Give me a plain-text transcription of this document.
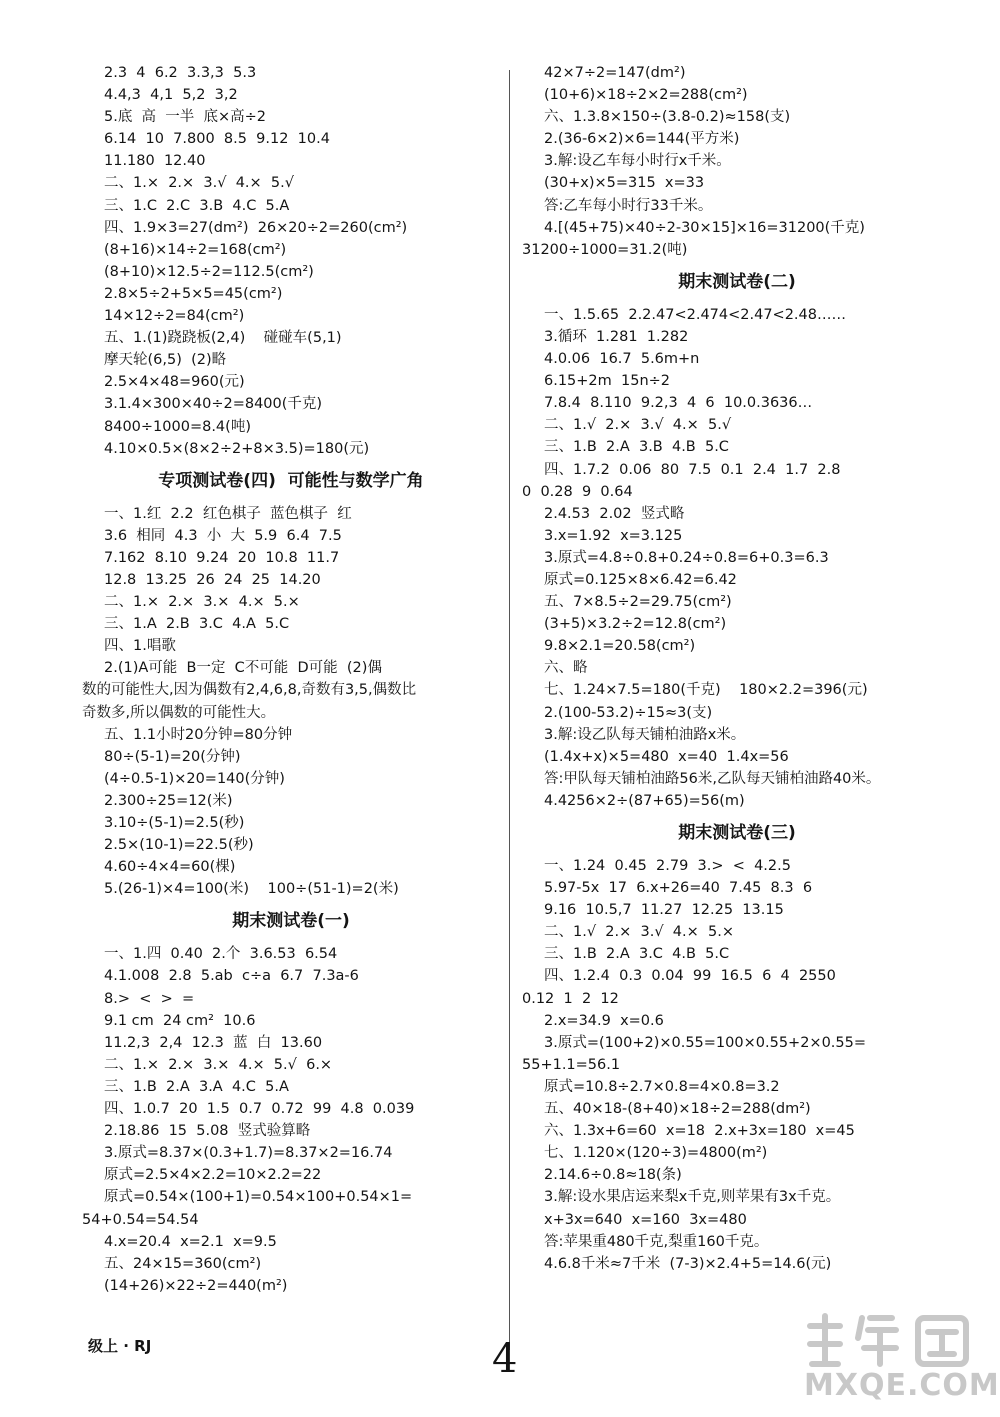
2.3  4  6.2  3.3,3  5.3
4.4,3  4,1  5,2  3,2
5.底  高  一半  底×高÷2
6.14  10  7.800  8.5  9.12  10.4
11.180  12.40
二、1.×  2.×  3.√  4.×  5.√
三、1.C  2.C  3.B  4.C  5.A
四、1.9×3=27(dm²)  26×20÷2=260(cm²)
(8+16)×14÷2=168(cm²)
(8+10)×12.5÷2=112.5(cm²)
2.8×5÷2+5×5=45(cm²)
14×12÷2=84(cm²)
五、1.(1)跷跷板(2,4)    碰碰车(5,1)
摩天轮(6,5)  (2)略
2.5×4×48=960(元)
3.1.4×300×40÷2=8400(千克)
8400÷1000=8.4(吨)
4.10×0.5×(8×2÷2+8×3.5)=180(元)
专项测试卷(四)  可能性与数学广角
一、1.红  2.2  红色棋子  蓝色棋子  红
3.6  相同  4.3  小  大  5.9  6.4  7.5
7.162  8.10  9.24  20  10.8  11.7
12.8  13.25  26  24  25  14.20
二、1.×  2.×  3.×  4.×  5.×
三、1.A  2.B  3.C  4.A  5.C
四、1.唱歌
2.(1)A可能  B一定  C不可能  D可能  (2)偶
数的可能性大,因为偶数有2,4,6,8,奇数有3,5,偶数比
奇数多,所以偶数的可能性大。
五、1.1小时20分钟=80分钟
80÷(5-1)=20(分钟)
(4÷0.5-1)×20=140(分钟)
2.300÷25=12(米)
3.10÷(5-1)=2.5(秒)
2.5×(10-1)=22.5(秒)
4.60÷4×4=60(棵)
5.(26-1)×4=100(米)    100÷(51-1)=2(米)
期末测试卷(一)
一、1.四  0.40  2.个  3.6.53  6.54
4.1.008  2.8  5.ab  c÷a  6.7  7.3a-6
8.>  <  >  =
9.1 cm  24 cm²  10.6
11.2,3  2,4  12.3  蓝  白  13.60
二、1.×  2.×  3.×  4.×  5.√  6.×
三、1.B  2.A  3.A  4.C  5.A
四、1.0.7  20  1.5  0.7  0.72  99  4.8  0.039
2.18.86  15  5.08  竖式验算略
3.原式=8.37×(0.3+1.7)=8.37×2=16.74
原式=2.5×4×2.2=10×2.2=22
原式=0.54×(100+1)=0.54×100+0.54×1=
54+0.54=54.54
4.x=20.4  x=2.1  x=9.5
五、24×15=360(cm²)
(14+26)×22÷2=440(m²)
42×7÷2=147(dm²)
(10+6)×18÷2×2=288(cm²)
六、1.3.8×150÷(3.8-0.2)≈158(支)
2.(36-6×2)×6=144(平方米)
3.解:设乙车每小时行x千米。
(30+x)×5=315  x=33
答:乙车每小时行33千米。
4.[(45+75)×40÷2-30×15]×16=31200(千克)
31200÷1000=31.2(吨)
期末测试卷(二)
一、1.5.65  2.2.47<2.474<2.47<2.48……
3.循环  1.281  1.282
4.0.06  16.7  5.6m+n
6.15+2m  15n÷2
7.8.4  8.110  9.2,3  4  6  10.0.3636…
二、1.√  2.×  3.√  4.×  5.√
三、1.B  2.A  3.B  4.B  5.C
四、1.7.2  0.06  80  7.5  0.1  2.4  1.7  2.8
0  0.28  9  0.64
2.4.53  2.02  竖式略
3.x=1.92  x=3.125
3.原式=4.8÷0.8+0.24÷0.8=6+0.3=6.3
原式=0.125×8×6.42=6.42
五、7×8.5÷2=29.75(cm²)
(3+5)×3.2÷2=12.8(cm²)
9.8×2.1=20.58(cm²)
六、略
七、1.24×7.5=180(千克)    180×2.2=396(元)
2.(100-53.2)÷15≈3(支)
3.解:设乙队每天铺柏油路x米。
(1.4x+x)×5=480  x=40  1.4x=56
答:甲队每天铺柏油路56米,乙队每天铺柏油路40米。
4.4256×2÷(87+65)=56(m)
期末测试卷(三)
一、1.24  0.45  2.79  3.>  <  4.2.5
5.97-5x  17  6.x+26=40  7.45  8.3  6
9.16  10.5,7  11.27  12.25  13.15
二、1.√  2.×  3.√  4.×  5.×
三、1.B  2.A  3.C  4.B  5.C
四、1.2.4  0.3  0.04  99  16.5  6  4  2550
0.12  1  2  12
2.x=34.9  x=0.6
3.原式=(100+2)×0.55=100×0.55+2×0.55=
55+1.1=56.1
原式=10.8÷2.7×0.8=4×0.8=3.2
五、40×18-(8+40)×18÷2=288(dm²)
六、1.3x+6=60  x=18  2.x+3x=180  x=45
七、1.120×(120÷3)=4800(m²)
2.14.6÷0.8≈18(条)
3.解:设水果店运来梨x千克,则苹果有3x千克。
x+3x=640  x=160  3x=480
答:苹果重480千克,梨重160千克。
4.6.8千米≈7千米  (7-3)×2.4+5=14.6(元)
级上 · RJ	4
MXQE.COM
